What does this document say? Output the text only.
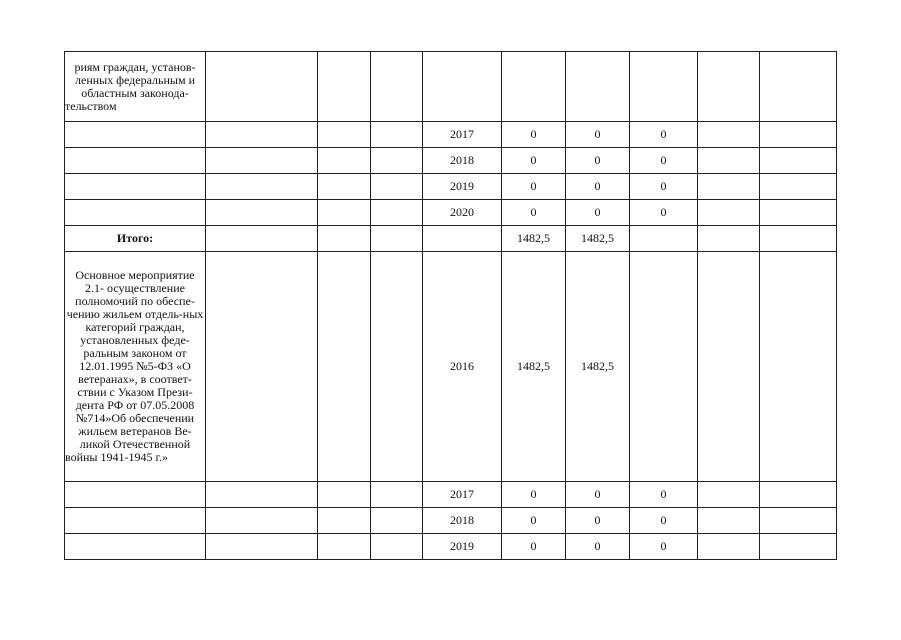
риям граждан, установ-ленных федеральным и областным законода-тельством									

				2017	0	0	0		
				2018	0	0	0		
				2019	0	0	0		
				2020	0	0	0		
Итого:					1482,5	1482,5			

Основное мероприятие 2.1- осуществление полномочий по обеспе-чению жильем отдель-ных категорий граждан, установленных феде-ральным законом от 12.01.1995 №5-ФЗ «О ветеранах», в соответ-ствии с Указом Прези-дента РФ от 07.05.2008 №714»Об обеспечении жильем ветеранов Ве-ликой Отечественной войны 1941-1945 г.»				2016	1482,5	1482,5			
				2017	0	0	0		
				2018	0	0	0		
				2019	0	0	0		
